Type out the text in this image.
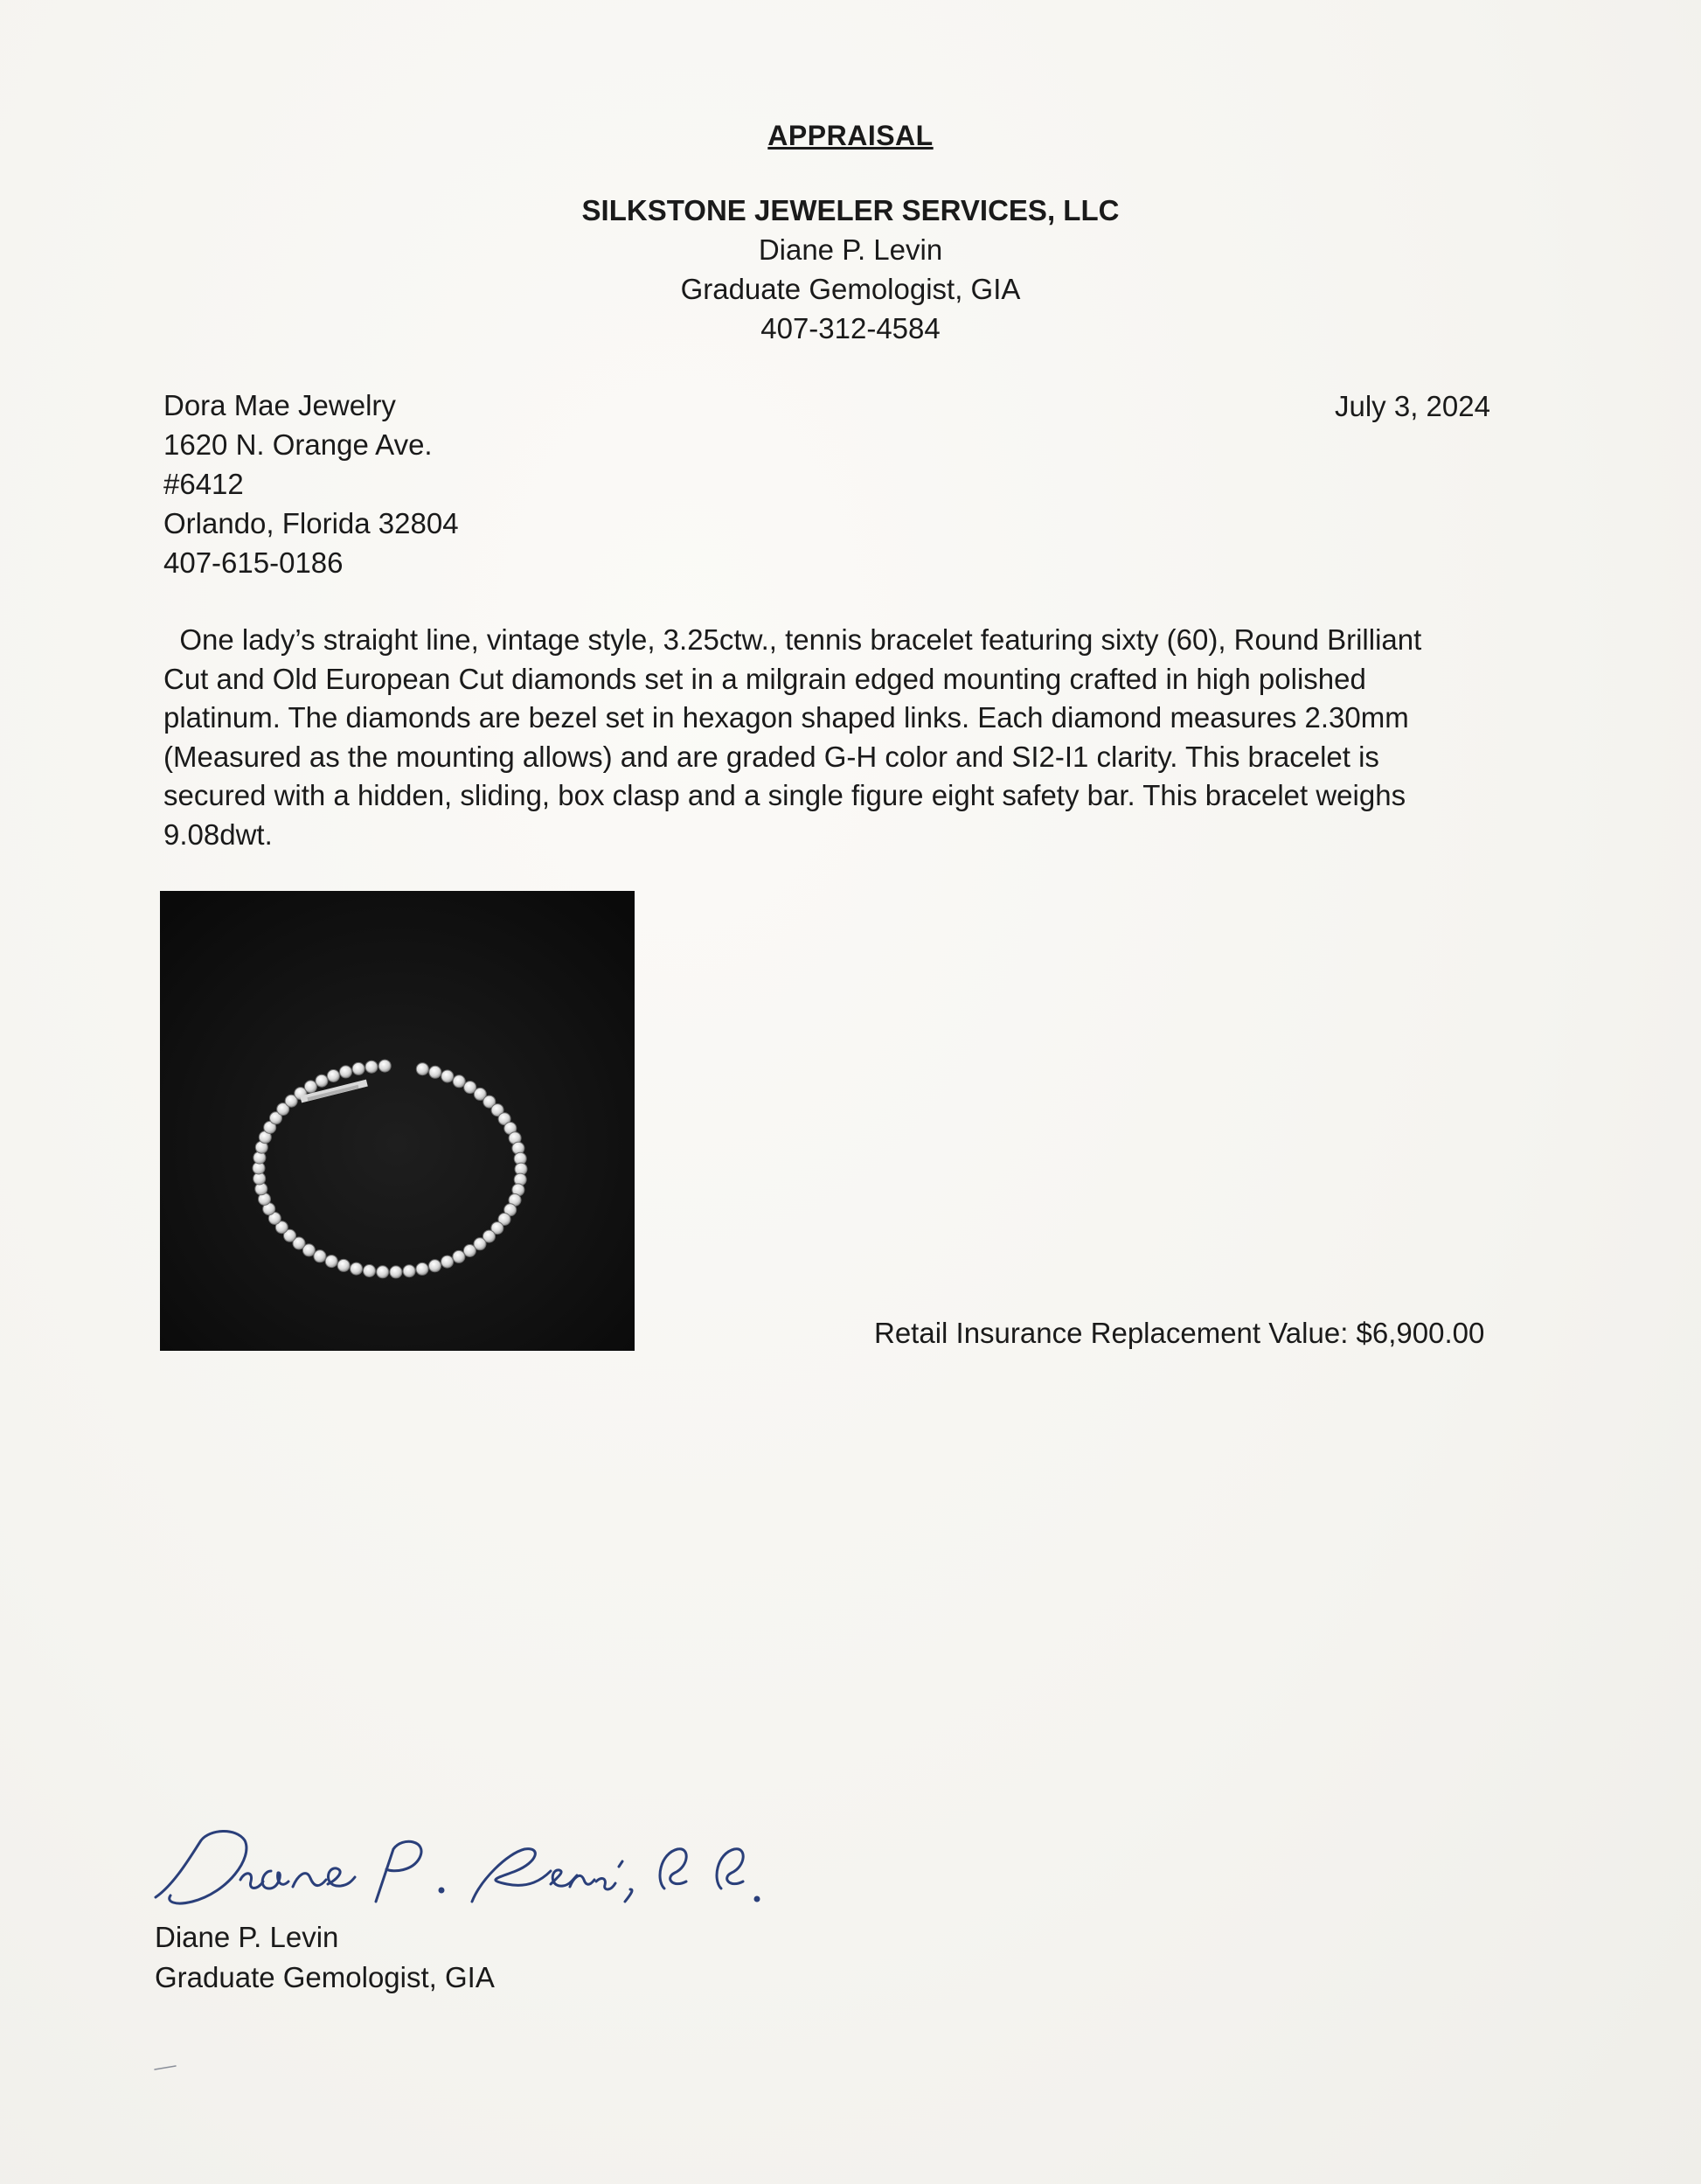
APPRAISAL
SILKSTONE JEWELER SERVICES, LLC
Diane P. Levin
Graduate Gemologist, GIA
407-312-4584
Dora Mae Jewelry
1620 N. Orange Ave.
#6412
Orlando, Florida 32804
407-615-0186
July 3, 2024
One lady’s straight line, vintage style, 3.25ctw., tennis bracelet featuring sixty (60), Round Brilliant
Cut and Old European Cut diamonds set in a milgrain edged mounting crafted in high polished
platinum. The diamonds are bezel set in hexagon shaped links. Each diamond measures 2.30mm
(Measured as the mounting allows) and are graded G-H color and SI2-I1 clarity. This bracelet is
secured with a hidden, sliding, box clasp and a single figure eight safety bar. This bracelet weighs
9.08dwt.
Retail Insurance Replacement Value: $6,900.00
Diane P. Levin
Graduate Gemologist, GIA
